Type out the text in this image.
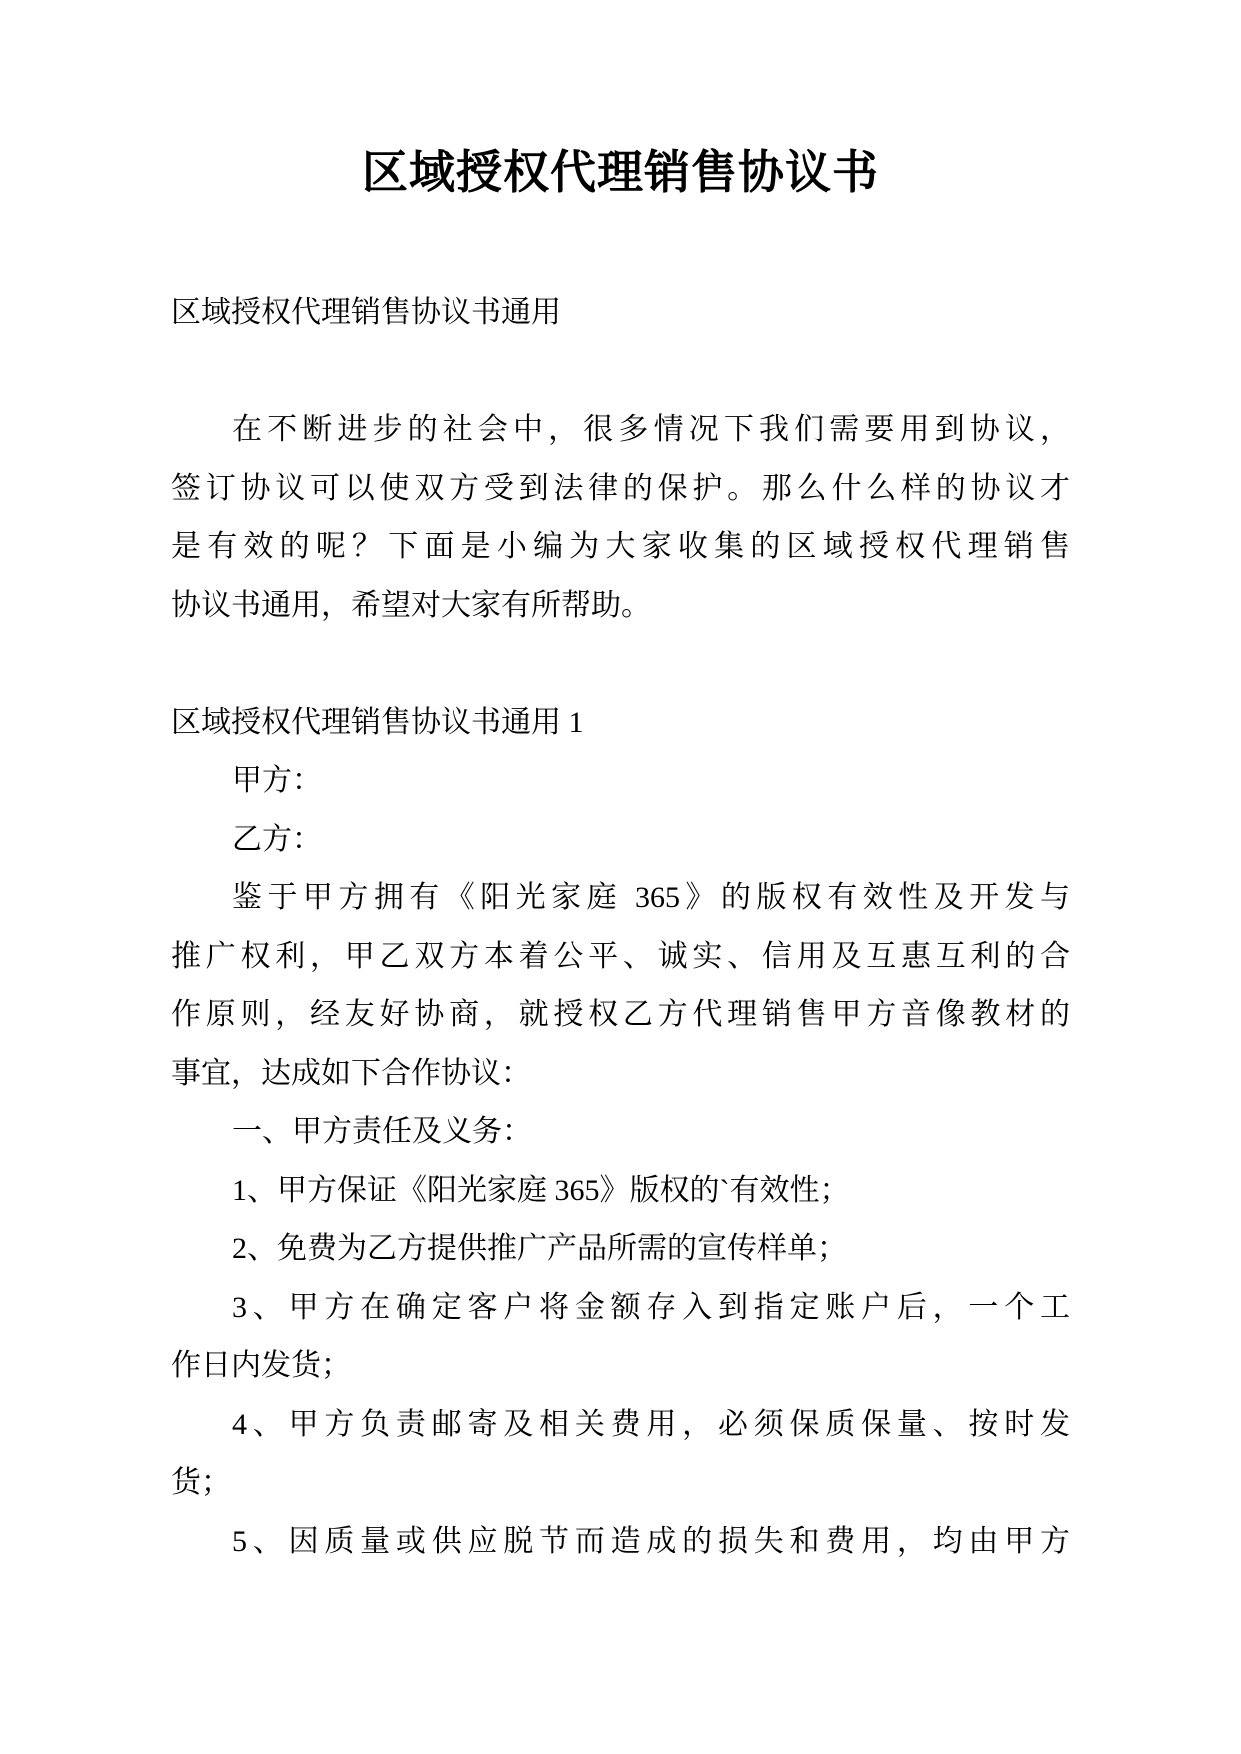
区域授权代理销售协议书
区域授权代理销售协议书通用
在不断进步的社会中，很多情况下我们需要用到协议，
签订协议可以使双方受到法律的保护。那么什么样的协议才
是有效的呢？下面是小编为大家收集的区域授权代理销售
协议书通用，希望对大家有所帮助。
区域授权代理销售协议书通用 1
甲方：
乙方：
鉴于甲方拥有《阳光家庭 365》的版权有效性及开发与
推广权利，甲乙双方本着公平、诚实、信用及互惠互利的合
作原则，经友好协商，就授权乙方代理销售甲方音像教材的
事宜，达成如下合作协议：
一、甲方责任及义务：
1、甲方保证《阳光家庭 365》版权的`有效性；
2、免费为乙方提供推广产品所需的宣传样单；
3、甲方在确定客户将金额存入到指定账户后，一个工
作日内发货；
4、甲方负责邮寄及相关费用，必须保质保量、按时发
货；
5、因质量或供应脱节而造成的损失和费用，均由甲方
